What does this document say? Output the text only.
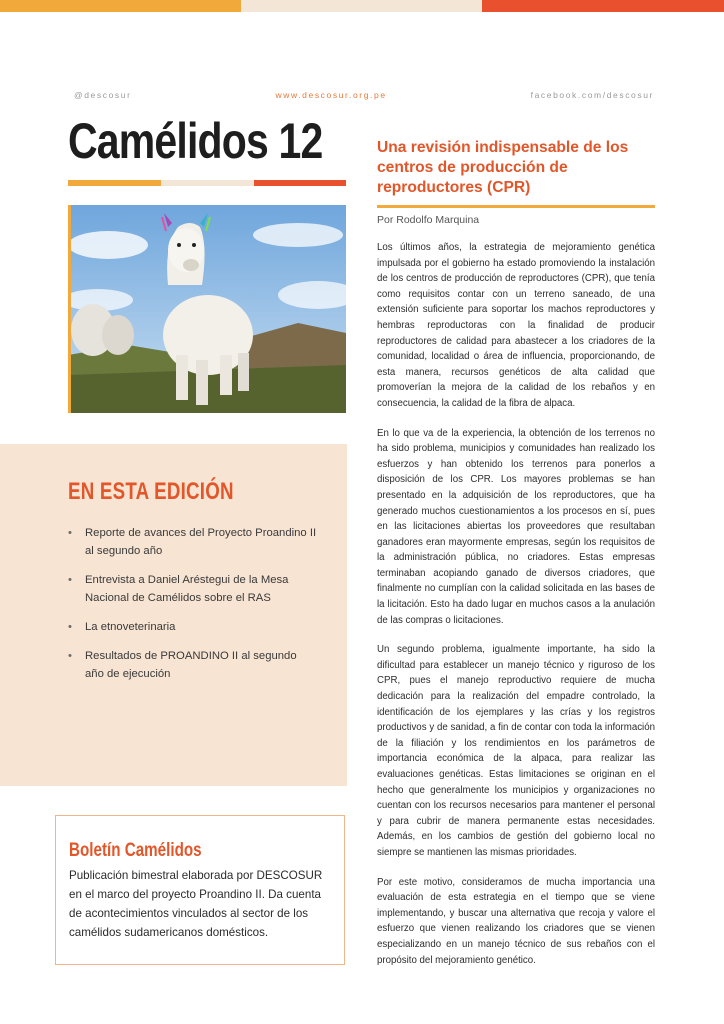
@descosur	www.descosur.org.pe	facebook.com/descosur
Camélidos 12
EN ESTA EDICIÓN
• Reporte de avances del Proyecto Proandino II al segundo año
• Entrevista a Daniel Aréstegui de la Mesa Nacional de Camélidos sobre el RAS
• La etnoveterinaria
• Resultados de PROANDINO II al segundo año de ejecución
Boletín Camélidos

Publicación bimestral elaborada por DESCOSUR en el marco del proyecto Proandino II. Da cuenta de acontecimientos vinculados al sector de los camélidos sudamericanos domésticos.

Una revisión indispensable de los centros de producción de reproductores (CPR)
Por Rodolfo Marquina

Los últimos años, la estrategia de mejoramiento genética impulsada por el gobierno ha estado promoviendo la instalación de los centros de producción de reproductores (CPR), que tenía como requisitos contar con un terreno saneado, de una extensión suficiente para soportar los machos reproductores y hembras reproductoras con la finalidad de producir reproductores de calidad para abastecer a los criadores de la comunidad, localidad o área de influencia, proporcionando, de esta manera, recursos genéticos de alta calidad que promoverían la mejora de la calidad de los rebaños y en consecuencia, la calidad de la fibra de alpaca.

En lo que va de la experiencia, la obtención de los terrenos no ha sido problema, municipios y comunidades han realizado los esfuerzos y han obtenido los terrenos para ponerlos a disposición de los CPR. Los mayores problemas se han presentado en la adquisición de los reproductores, que ha generado muchos cuestionamientos a los procesos en sí, pues en las licitaciones abiertas los proveedores que resultaban ganadores eran mayormente empresas, según los requisitos de la administración pública, no criadores. Estas empresas terminaban acopiando ganado de diversos criadores, que finalmente no cumplían con la calidad solicitada en las bases de la licitación. Esto ha dado lugar en muchos casos a la anulación de las compras o licitaciones.

Un segundo problema, igualmente importante, ha sido la dificultad para establecer un manejo técnico y riguroso de los CPR, pues el manejo reproductivo requiere de mucha dedicación para la realización del empadre controlado, la identificación de los ejemplares y las crías y los registros productivos y de sanidad, a fin de contar con toda la información de la filiación y los rendimientos en los parámetros de importancia económica de la alpaca, para realizar las evaluaciones genéticas. Estas limitaciones se originan en el hecho que generalmente los municipios y organizaciones no cuentan con los recursos necesarios para mantener el personal y para cubrir de manera permanente estas necesidades. Además, en los cambios de gestión del gobierno local no siempre se mantienen las mismas prioridades.

Por este motivo, consideramos de mucha importancia una evaluación de esta estrategia en el tiempo que se viene implementando, y buscar una alternativa que recoja y valore el esfuerzo que vienen realizando los criadores que se vienen especializando en un manejo técnico de sus rebaños con el propósito del mejoramiento genético.
